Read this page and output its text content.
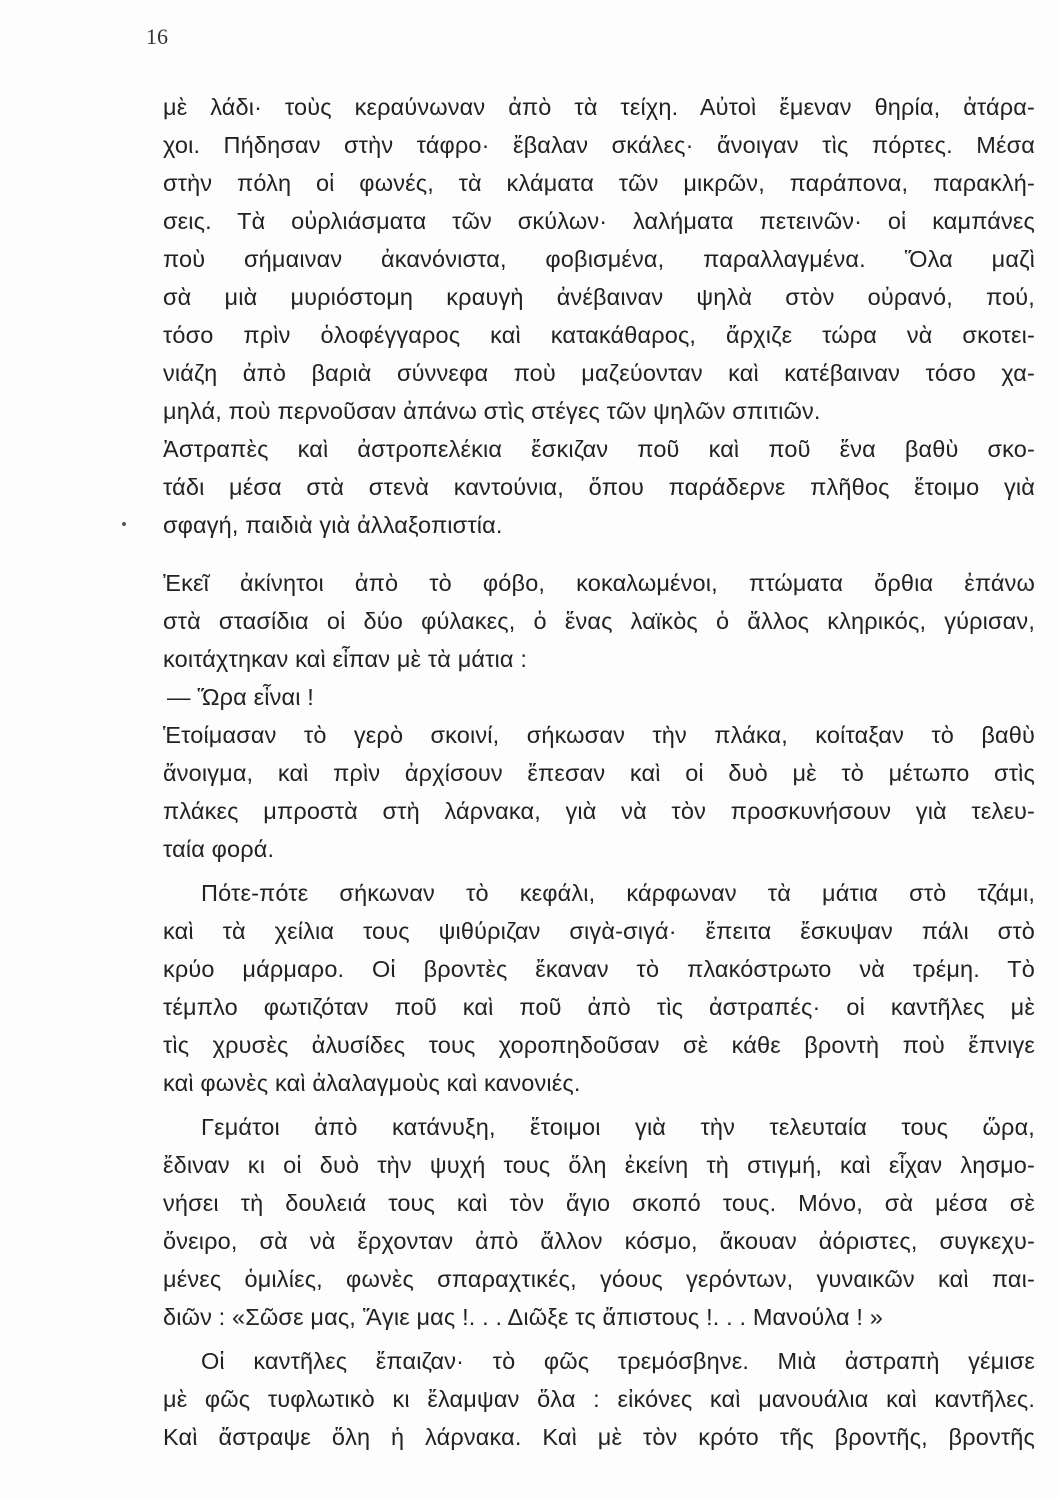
16
μὲ λάδι· τοὺς κεραύνωναν ἀπὸ τὰ τείχη. Αὐτοὶ ἔμεναν θηρία, ἀτάρα-
χοι. Πήδησαν στὴν τάφρο· ἔβαλαν σκάλες· ἄνοιγαν τὶς πόρτες. Μέσα
στὴν πόλη οἱ φωνές, τὰ κλάματα τῶν μικρῶν, παράπονα, παρακλή-
σεις. Τὰ οὐρλιάσματα τῶν σκύλων· λαλήματα πετεινῶν· οἱ καμπάνες
ποὺ σήμαιναν ἀκανόνιστα, φοβισμένα, παραλλαγμένα. Ὅλα μαζὶ
σὰ μιὰ μυριόστομη κραυγὴ ἀνέβαιναν ψηλὰ στὸν οὐρανό, πού,
τόσο πρὶν ὁλοφέγγαρος καὶ κατακάθαρος, ἄρχιζε τώρα νὰ σκοτει-
νιάζη ἀπὸ βαριὰ σύννεφα ποὺ μαζεύονταν καὶ κατέβαιναν τόσο χα-
μηλά, ποὺ περνοῦσαν ἀπάνω στὶς στέγες τῶν ψηλῶν σπιτιῶν.
Ἀστραπὲς καὶ ἀστροπελέκια ἔσκιζαν ποῦ καὶ ποῦ ἕνα βαθὺ σκο-
τάδι μέσα στὰ στενὰ καντούνια, ὅπου παράδερνε πλῆθος ἕτοιμο γιὰ
σφαγή, παιδιὰ γιὰ ἀλλαξοπιστία.
Ἐκεῖ ἀκίνητοι ἀπὸ τὸ φόβο, κοκαλωμένοι, πτώματα ὄρθια ἐπάνω
στὰ στασίδια οἱ δύο φύλακες, ὁ ἕνας λαϊκὸς ὁ ἄλλος κληρικός, γύρισαν,
κοιτάχτηκαν καὶ εἶπαν μὲ τὰ μάτια :
— Ὥρα εἶναι !
Ἑτοίμασαν τὸ γερὸ σκοινί, σήκωσαν τὴν πλάκα, κοίταξαν τὸ βαθὺ
ἄνοιγμα, καὶ πρὶν ἀρχίσουν ἔπεσαν καὶ οἱ δυὸ μὲ τὸ μέτωπο στὶς
πλάκες μπροστὰ στὴ λάρνακα, γιὰ νὰ τὸν προσκυνήσουν γιὰ τελευ-
ταία φορά.
Πότε-πότε σήκωναν τὸ κεφάλι, κάρφωναν τὰ μάτια στὸ τζάμι,
καὶ τὰ χείλια τους ψιθύριζαν σιγὰ-σιγά· ἔπειτα ἔσκυψαν πάλι στὸ
κρύο μάρμαρο. Οἱ βροντὲς ἔκαναν τὸ πλακόστρωτο νὰ τρέμη. Τὸ
τέμπλο φωτιζόταν ποῦ καὶ ποῦ ἀπὸ τὶς ἀστραπές· οἱ καντῆλες μὲ
τὶς χρυσὲς ἀλυσίδες τους χοροπηδοῦσαν σὲ κάθε βροντὴ ποὺ ἔπνιγε
καὶ φωνὲς καὶ ἀλαλαγμοὺς καὶ κανονιές.
Γεμάτοι ἀπὸ κατάνυξη, ἕτοιμοι γιὰ τὴν τελευταία τους ὥρα,
ἔδιναν κι οἱ δυὸ τὴν ψυχή τους ὅλη ἐκείνη τὴ στιγμή, καὶ εἶχαν λησμο-
νήσει τὴ δουλειά τους καὶ τὸν ἅγιο σκοπό τους. Μόνο, σὰ μέσα σὲ
ὄνειρο, σὰ νὰ ἔρχονταν ἀπὸ ἄλλον κόσμο, ἄκουαν ἀόριστες, συγκεχυ-
μένες ὁμιλίες, φωνὲς σπαραχτικές, γόους γερόντων, γυναικῶν καὶ παι-
διῶν : «Σῶσε μας, Ἅγιε μας !. . . Διῶξε τς ἄπιστους !. . . Μανούλα ! »
Οἱ καντῆλες ἔπαιζαν· τὸ φῶς τρεμόσβηνε. Μιὰ ἀστραπὴ γέμισε
μὲ φῶς τυφλωτικὸ κι ἔλαμψαν ὅλα : εἰκόνες καὶ μανουάλια καὶ καντῆλες.
Καὶ ἄστραψε ὅλη ἡ λάρνακα. Καὶ μὲ τὸν κρότο τῆς βροντῆς, βροντῆς
